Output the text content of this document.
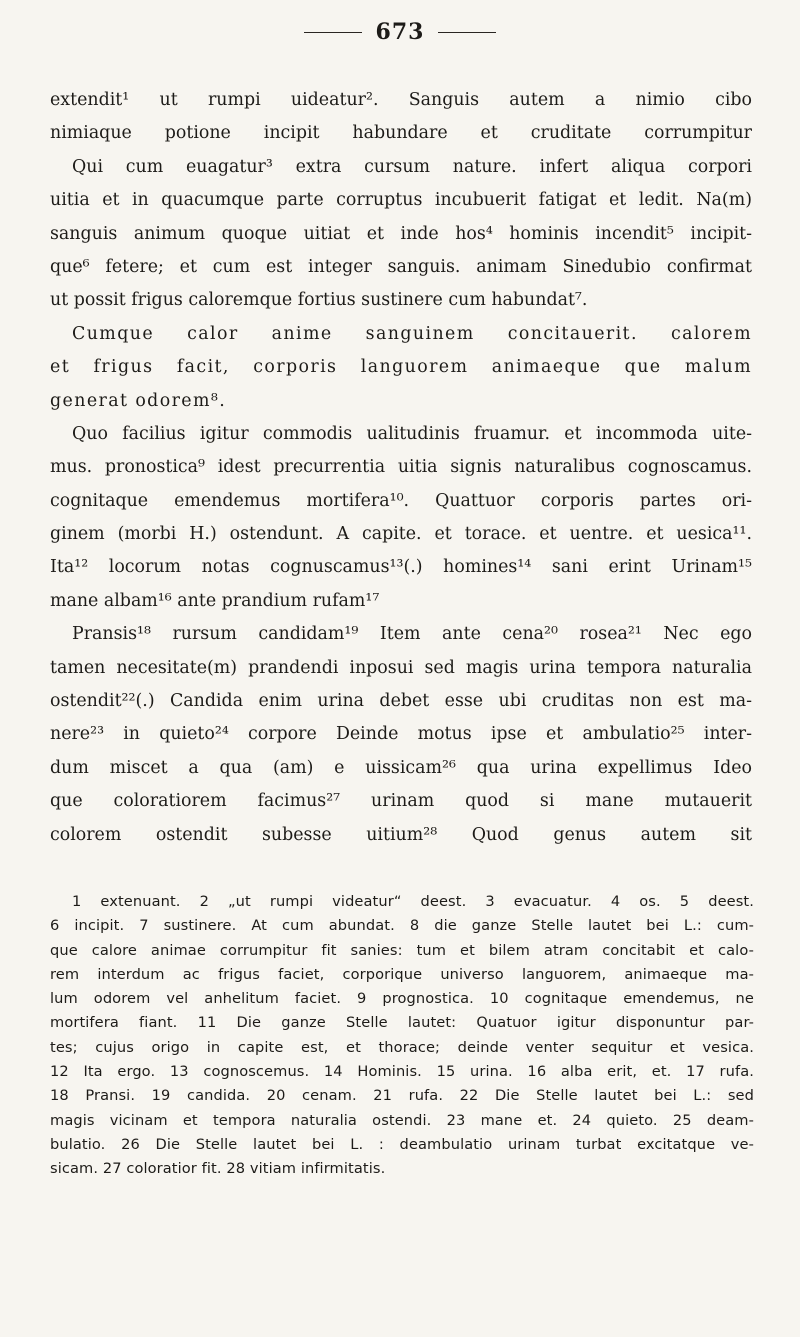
673
extendit¹ ut rumpi uideatur². Sanguis autem a nimio cibo
nimiaque potione incipit habundare et cruditate corrumpitur
Qui cum euagatur³ extra cursum nature. infert aliqua corpori
uitia et in quacumque parte corruptus incubuerit fatigat et ledit. Na(m)
sanguis animum quoque uitiat et inde hos⁴ hominis incendit⁵ incipit-
que⁶ fetere; et cum est integer sanguis. animam Sinedubio confirmat
ut possit frigus caloremque fortius sustinere cum habundat⁷.
Cumque calor anime sanguinem concitauerit. calorem
et frigus facit, corporis languorem animaeque que malum
generat odorem⁸.
Quo facilius igitur commodis ualitudinis fruamur. et incommoda uite-
mus. pronostica⁹ idest precurrentia uitia signis naturalibus cognoscamus.
cognitaque emendemus mortifera¹⁰. Quattuor corporis partes ori-
ginem (morbi H.) ostendunt. A capite. et torace. et uentre. et uesica¹¹.
Ita¹² locorum notas cognuscamus¹³(.) homines¹⁴ sani erint Urinam¹⁵
mane albam¹⁶ ante prandium rufam¹⁷
Pransis¹⁸ rursum candidam¹⁹ Item ante cena²⁰ rosea²¹ Nec ego
tamen necesitate(m) prandendi inposui sed magis urina tempora naturalia
ostendit²²(.) Candida enim urina debet esse ubi cruditas non est ma-
nere²³ in quieto²⁴ corpore Deinde motus ipse et ambulatio²⁵ inter-
dum miscet a qua (am) e uissicam²⁶ qua urina expellimus Ideo
que coloratiorem facimus²⁷ urinam quod si mane mutauerit
colorem ostendit subesse uitium²⁸ Quod genus autem sit
1 extenuant. 2 „ut rumpi videatur“ deest. 3 evacuatur. 4 os. 5 deest.
6 incipit. 7 sustinere. At cum abundat. 8 die ganze Stelle lautet bei L.: cum-
que calore animae corrumpitur fit sanies: tum et bilem atram concitabit et calo-
rem interdum ac frigus faciet, corporique universo languorem, animaeque ma-
lum odorem vel anhelitum faciet. 9 prognostica. 10 cognitaque emendemus, ne
mortifera fiant. 11 Die ganze Stelle lautet: Quatuor igitur disponuntur par-
tes; cujus origo in capite est, et thorace; deinde venter sequitur et vesica.
12 Ita ergo. 13 cognoscemus. 14 Hominis. 15 urina. 16 alba erit, et. 17 rufa.
18 Pransi. 19 candida. 20 cenam. 21 rufa. 22 Die Stelle lautet bei L.: sed
magis vicinam et tempora naturalia ostendi. 23 mane et. 24 quieto. 25 deam-
bulatio. 26 Die Stelle lautet bei L. : deambulatio urinam turbat excitatque ve-
sicam. 27 coloratior fit. 28 vitiam infirmitatis.
